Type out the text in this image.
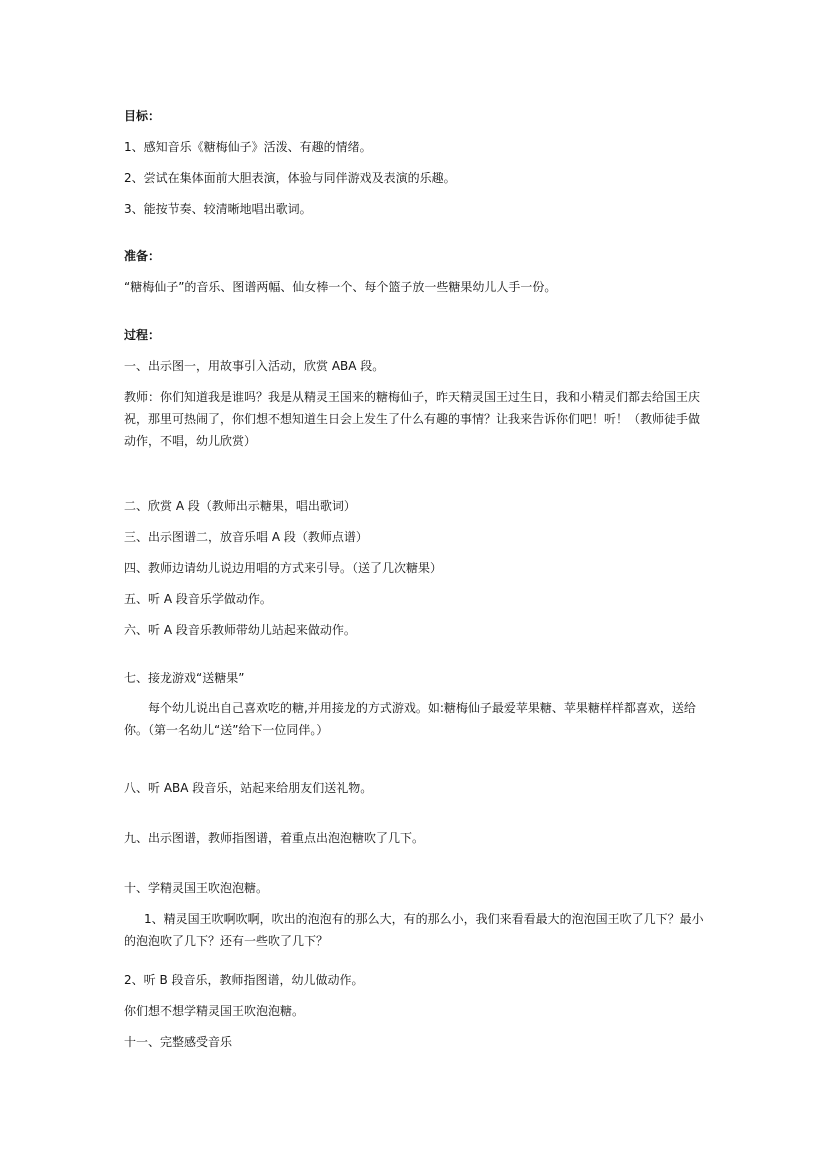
目标：
1、感知音乐《糖梅仙子》活泼、有趣的情绪。
2、尝试在集体面前大胆表演，体验与同伴游戏及表演的乐趣。
3、能按节奏、较清晰地唱出歌词。
准备：
“糖梅仙子”的音乐、图谱两幅、仙女棒一个、每个篮子放一些糖果幼儿人手一份。
过程：
一、出示图一，用故事引入活动，欣赏 ABA 段。
教师：你们知道我是谁吗？我是从精灵王国来的糖梅仙子，昨天精灵国王过生日，我和小精灵们都去给国王庆祝，那里可热闹了，你们想不想知道生日会上发生了什么有趣的事情？让我来告诉你们吧！听！（教师徒手做动作，不唱，幼儿欣赏）
二、欣赏 A 段（教师出示糖果，唱出歌词）
三、出示图谱二，放音乐唱 A 段（教师点谱）
四、教师边请幼儿说边用唱的方式来引导。（送了几次糖果）
五、听 A 段音乐学做动作。
六、听 A 段音乐教师带幼儿站起来做动作。
七、接龙游戏“送糖果”
每个幼儿说出自己喜欢吃的糖,并用接龙的方式游戏。如:糖梅仙子最爱苹果糖、苹果糖样样都喜欢，送给你。（第一名幼儿“送”给下一位同伴。）
八、听 ABA 段音乐，站起来给朋友们送礼物。
九、出示图谱，教师指图谱，着重点出泡泡糖吹了几下。
十、学精灵国王吹泡泡糖。
1、精灵国王吹啊吹啊，吹出的泡泡有的那么大，有的那么小，我们来看看最大的泡泡国王吹了几下？最小的泡泡吹了几下？还有一些吹了几下？
2、听 B 段音乐，教师指图谱，幼儿做动作。
你们想不想学精灵国王吹泡泡糖。
十一、完整感受音乐
